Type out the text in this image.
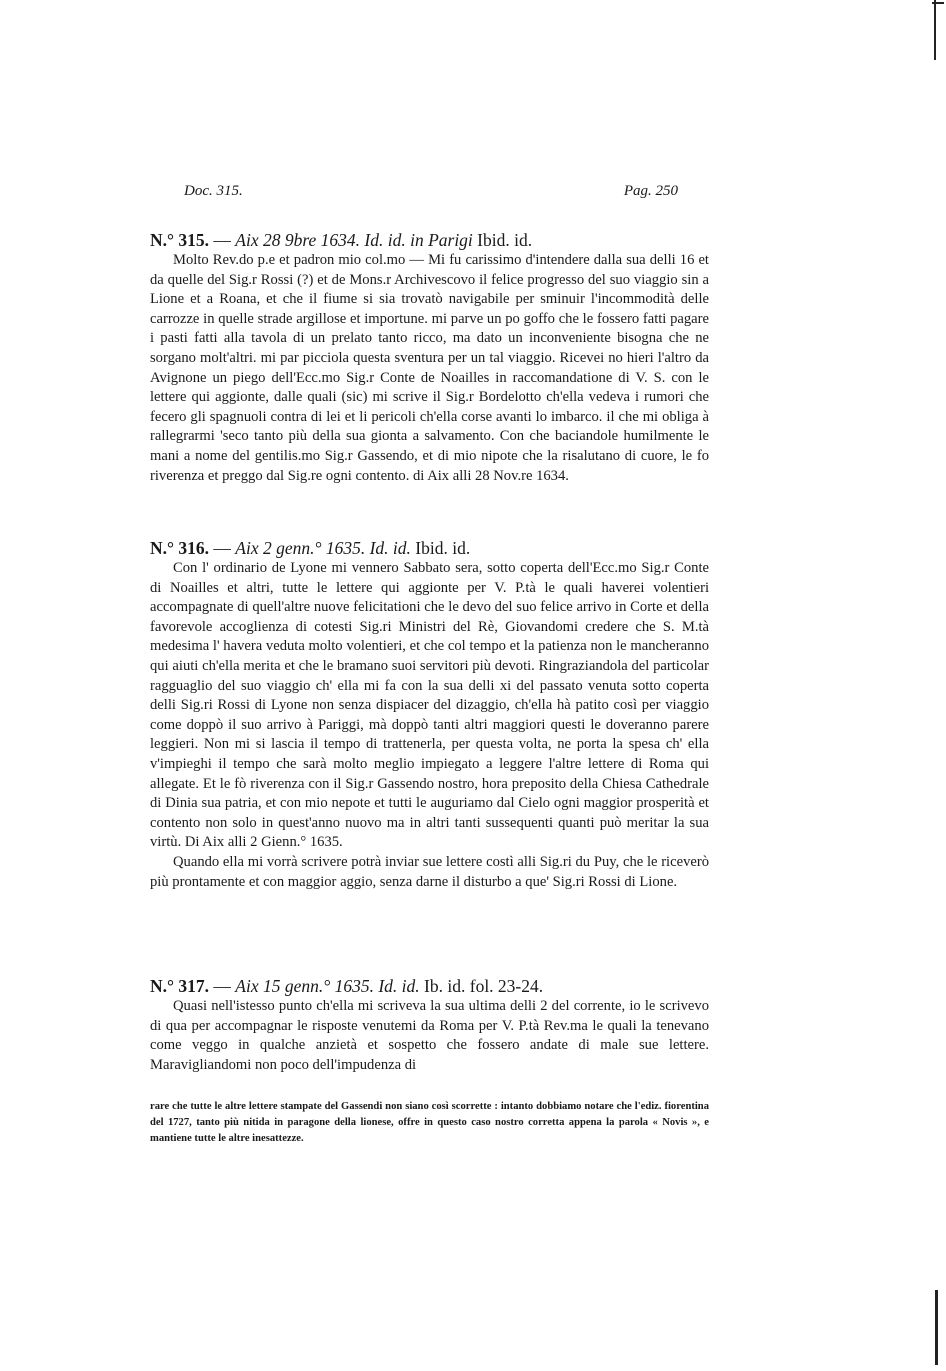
Doc. 315.	Pag. 250
N.° 315. — Aix 28 9bre 1634. Id. id. in Parigi Ibid. id.

Molto Rev.do p.e et padron mio col.mo — Mi fu carissimo d'intendere dalla sua delli 16 et da quelle del Sig.r Rossi (?) et de Mons.r Archivescovo il felice progresso del suo viaggio sin a Lione et a Roana, et che il fiume si sia trovatò navigabile per sminuir l'incommodità delle carrozze in quelle strade argillose et importune. mi parve un po goffo che le fossero fatti pagare i pasti fatti alla tavola di un prelato tanto ricco, ma dato un inconveniente bisogna che ne sorgano molt'altri. mi par picciola questa sventura per un tal viaggio. Ricevei no hieri l'altro da Avignone un piego dell'Ecc.mo Sig.r Conte de Noailles in raccomandatione di V. S. con le lettere qui aggionte, dalle quali (sic) mi scrive il Sig.r Bordelotto ch'ella vedeva i rumori che fecero gli spagnuoli contra di lei et li pericoli ch'ella corse avanti lo imbarco. il che mi obliga à rallegrarmi 'seco tanto più della sua gionta a salvamento. Con che baciandole humilmente le mani a nome del gentilis.mo Sig.r Gassendo, et di mio nipote che la risalutano di cuore, le fo riverenza et preggo dal Sig.re ogni contento. di Aix alli 28 Nov.re 1634.

N.° 316. — Aix 2 genn.° 1635. Id. id. Ibid. id.

Con l' ordinario de Lyone mi vennero Sabbato sera, sotto coperta dell'Ecc.mo Sig.r Conte di Noailles et altri, tutte le lettere qui aggionte per V. P.tà le quali haverei volentieri accompagnate di quell'altre nuove felicitationi che le devo del suo felice arrivo in Corte et della favorevole accoglienza di cotesti Sig.ri Ministri del Rè, Giovandomi credere che S. M.tà medesima l' havera veduta molto volentieri, et che col tempo et la patienza non le mancheranno qui aiuti ch'ella merita et che le bramano suoi servitori più devoti. Ringraziandola del particolar ragguaglio del suo viaggio ch' ella mi fa con la sua delli xi del passato venuta sotto coperta delli Sig.ri Rossi di Lyone non senza dispiacer del dizaggio, ch'ella hà patito così per viaggio come doppò il suo arrivo à Pariggi, mà doppò tanti altri maggiori questi le doveranno parere leggieri. Non mi si lascia il tempo di trattenerla, per questa volta, ne porta la spesa ch' ella v'impieghi il tempo che sarà molto meglio impiegato a leggere l'altre lettere di Roma qui allegate. Et le fò riverenza con il Sig.r Gassendo nostro, hora preposito della Chiesa Cathedrale di Dinia sua patria, et con mio nepote et tutti le auguriamo dal Cielo ogni maggior prosperità et contento non solo in quest'anno nuovo ma in altri tanti sussequenti quanti può meritar la sua virtù. Di Aix alli 2 Gienn.° 1635.

Quando ella mi vorrà scrivere potrà inviar sue lettere costì alli Sig.ri du Puy, che le riceverò più prontamente et con maggior aggio, senza darne il disturbo a que' Sig.ri Rossi di Lione.

N.° 317. — Aix 15 genn.° 1635. Id. id. Ib. id. fol. 23-24.

Quasi nell'istesso punto ch'ella mi scriveva la sua ultima delli 2 del corrente, io le scrivevo di qua per accompagnar le risposte venutemi da Roma per V. P.tà Rev.ma le quali la tenevano come veggo in qualche anzietà et sospetto che fossero andate di male sue lettere. Maravigliandomi non poco dell'impudenza di

rare che tutte le altre lettere stampate del Gassendi non siano così scorrette : intanto dobbiamo notare che l'ediz. fiorentina del 1727, tanto più nitida in paragone della lionese, offre in questo caso nostro corretta appena la parola « Novis », e mantiene tutte le altre inesattezze.
